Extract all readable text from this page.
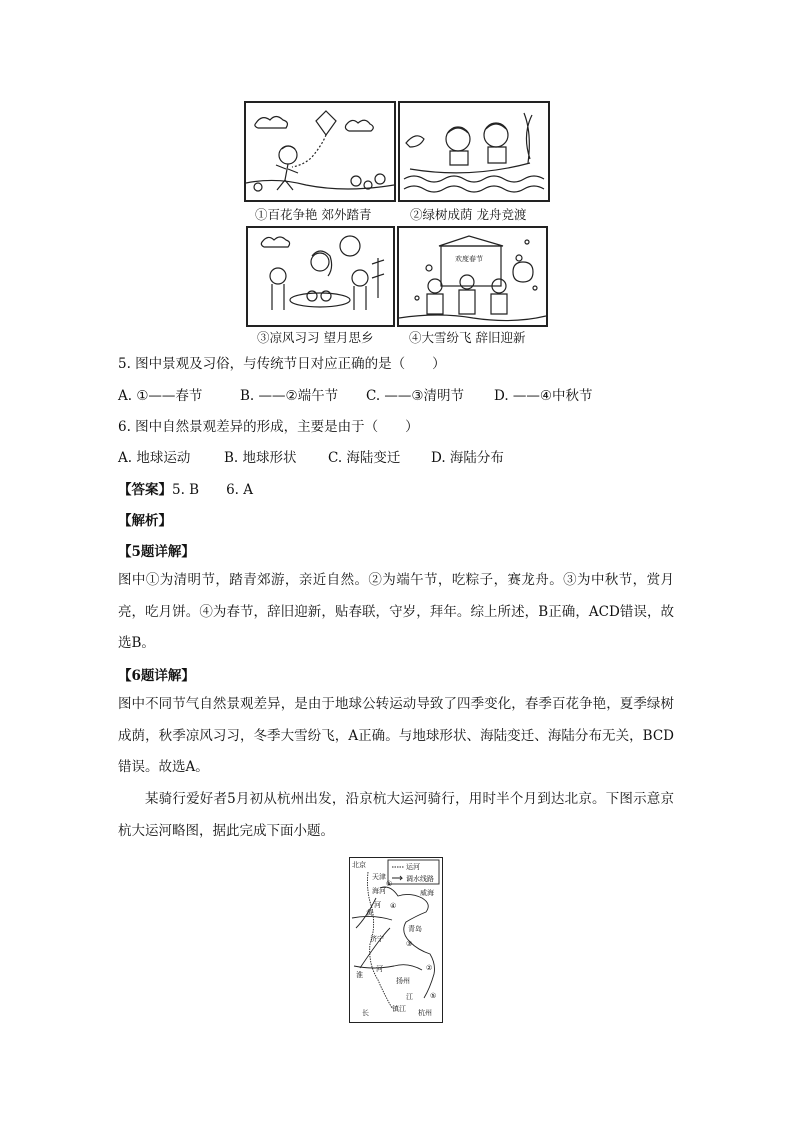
①百花争艳 郊外踏青	②绿树成荫 龙舟竞渡
③凉风习习 望月思乡
欢度春节
④大雪纷飞 辞旧迎新
5. 图中景观及习俗，与传统节日对应正确的是（　　）
A. ①——春节	B. ——②端午节 C. ——③清明节 D. ——④中秋节
6. 图中自然景观差异的形成，主要是由于（　　）
A. 地球运动 B. 地球形状 C. 海陆变迁 D. 海陆分布
【答案】5. B　　6. A
【解析】
【5题详解】
图中①为清明节，踏青郊游，亲近自然。②为端午节，吃粽子，赛龙舟。③为中秋节，赏月亮，吃月饼。④为春节，辞旧迎新，贴春联，守岁，拜年。综上所述，B正确，ACD错误，故选B。
【6题详解】
图中不同节气自然景观差异，是由于地球公转运动导致了四季变化，春季百花争艳，夏季绿树成荫，秋季凉风习习，冬季大雪纷飞，A正确。与地球形状、海陆变迁、海陆分布无关，BCD错误。故选A。
某骑行爱好者5月初从杭州出发，沿京杭大运河骑行，用时半个月到达北京。下图示意京杭大运河略图，据此完成下面小题。
北京
天津
海河
黄
河
威海
济宁
青岛
淮
河
扬州
江
长	杭州
镇江
运河
调水线路
①
②
③
④
⑤
